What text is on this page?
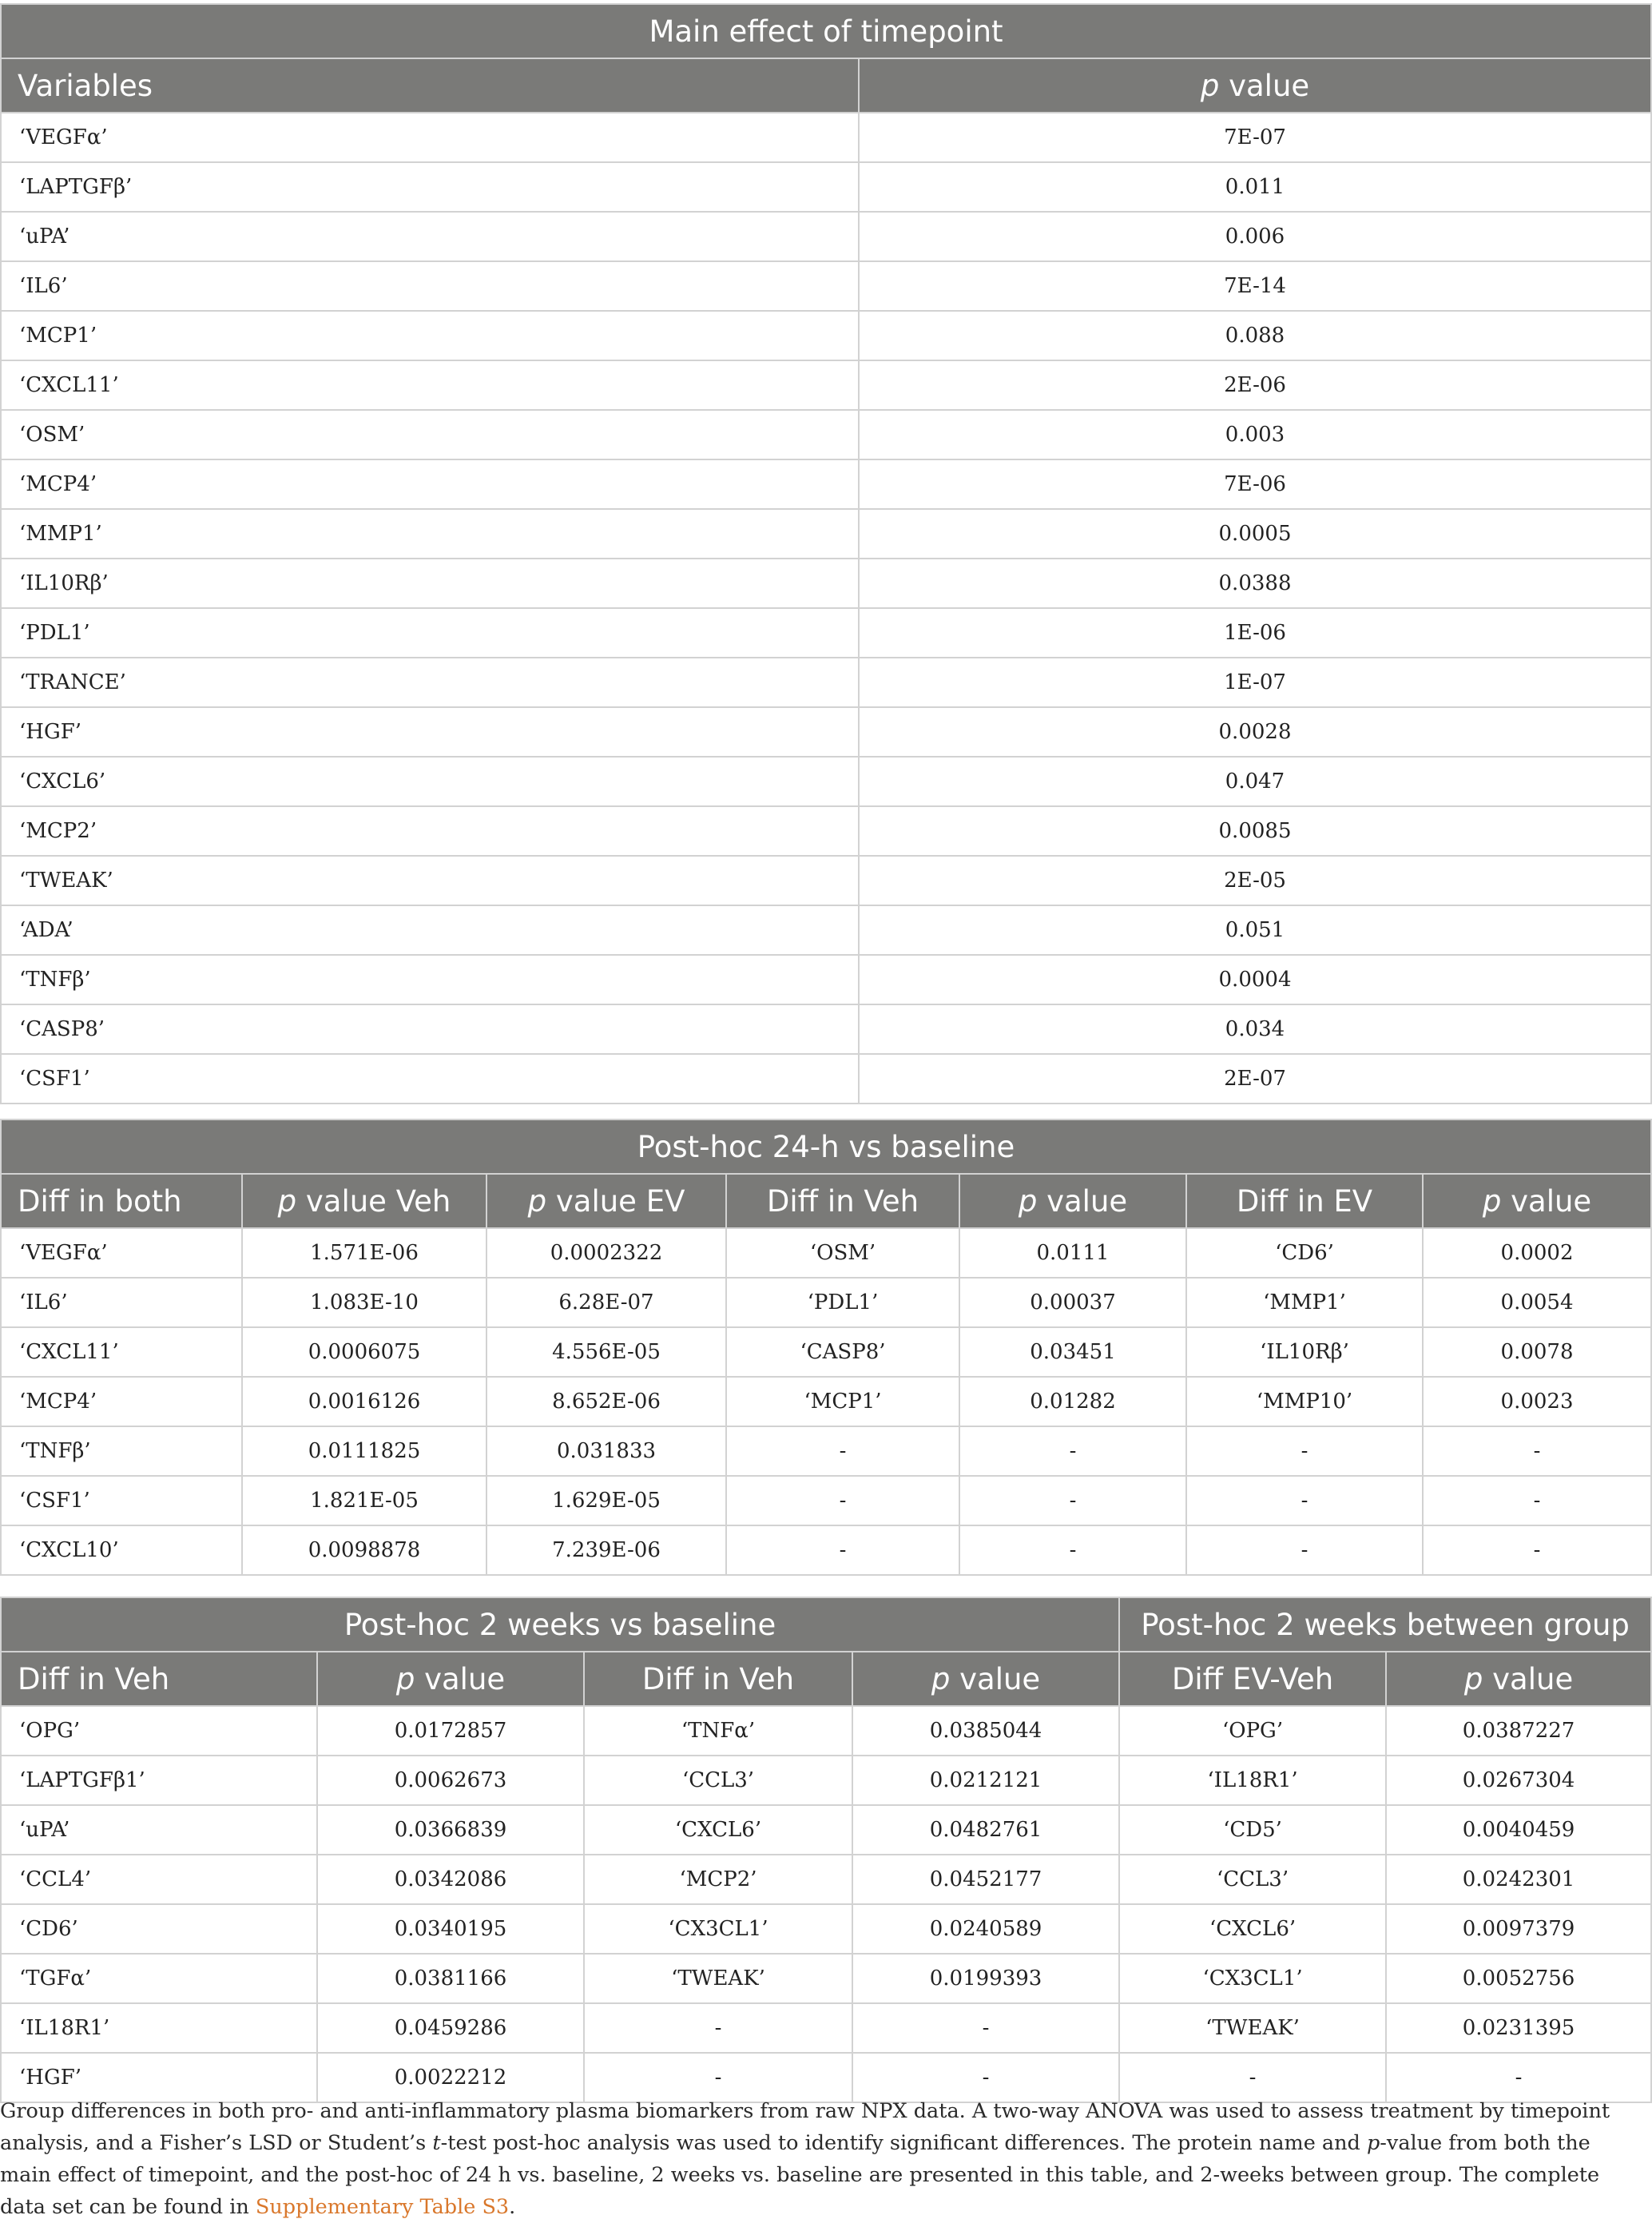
Main effect of timepoint	
Variables	p value
‘VEGFα’	7E-07
‘LAPTGFβ’	0.011
‘uPA’	0.006
‘IL6’	7E-14
‘MCP1’	0.088
‘CXCL11’	2E-06
‘OSM’	0.003
‘MCP4’	7E-06
‘MMP1’	0.0005
‘IL10Rβ’	0.0388
‘PDL1’	1E-06
‘TRANCE’	1E-07
‘HGF’	0.0028
‘CXCL6’	0.047
‘MCP2’	0.0085
‘TWEAK’	2E-05
‘ADA’	0.051
‘TNFβ’	0.0004
‘CASP8’	0.034
‘CSF1’	2E-07
Post-hoc 24-h vs baseline						
Diff in both	p value Veh	p value EV	Diff in Veh	p value	Diff in EV	p value
‘VEGFα’	1.571E-06	0.0002322	‘OSM’	0.0111	‘CD6’	0.0002
‘IL6’	1.083E-10	6.28E-07	‘PDL1’	0.00037	‘MMP1’	0.0054
‘CXCL11’	0.0006075	4.556E-05	‘CASP8’	0.03451	‘IL10Rβ’	0.0078
‘MCP4’	0.0016126	8.652E-06	‘MCP1’	0.01282	‘MMP10’	0.0023
‘TNFβ’	0.0111825	0.031833	-	-	-	-
‘CSF1’	1.821E-05	1.629E-05	-	-	-	-
‘CXCL10’	0.0098878	7.239E-06	-	-	-	-
Post-hoc 2 weeks vs baseline				Post-hoc 2 weeks between group	
Diff in Veh	p value	Diff in Veh	p value	Diff EV-Veh	p value
‘OPG’	0.0172857	‘TNFα’	0.0385044	‘OPG’	0.0387227
‘LAPTGFβ1’	0.0062673	‘CCL3’	0.0212121	‘IL18R1’	0.0267304
‘uPA’	0.0366839	‘CXCL6’	0.0482761	‘CD5’	0.0040459
‘CCL4’	0.0342086	‘MCP2’	0.0452177	‘CCL3’	0.0242301
‘CD6’	0.0340195	‘CX3CL1’	0.0240589	‘CXCL6’	0.0097379
‘TGFα’	0.0381166	‘TWEAK’	0.0199393	‘CX3CL1’	0.0052756
‘IL18R1’	0.0459286	-	-	‘TWEAK’	0.0231395
‘HGF’	0.0022212	-	-	-	-
Group differences in both pro- and anti-inflammatory plasma biomarkers from raw NPX data. A two-way ANOVA was used to assess treatment by timepoint analysis, and a Fisher’s LSD or Student’s t-test post-hoc analysis was used to identify significant differences. The protein name and p-value from both the main effect of timepoint, and the post-hoc of 24 h vs. baseline, 2 weeks vs. baseline are presented in this table, and 2-weeks between group. The complete data set can be found in Supplementary Table S3.
